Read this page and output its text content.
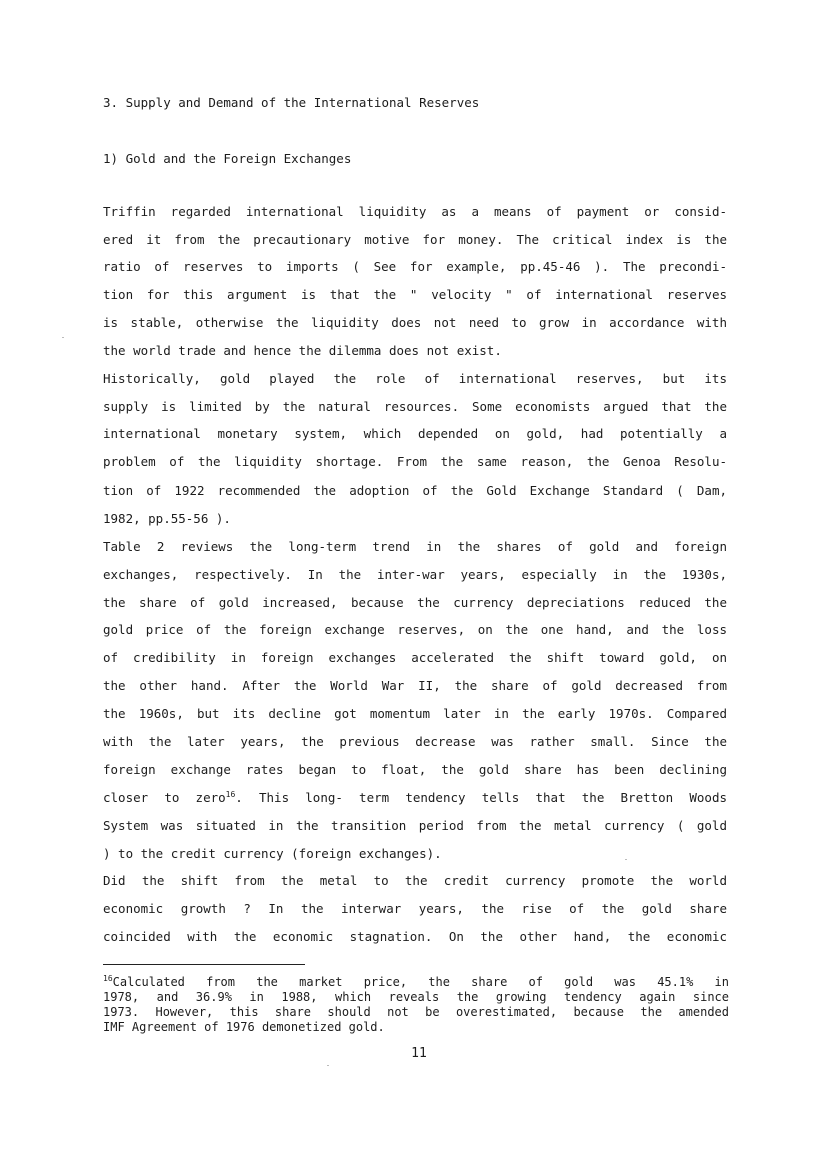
3. Supply and Demand of the International Reserves
1) Gold and the Foreign Exchanges
Triffin regarded international liquidity as a means of payment or consid-
ered it from the precautionary motive for money. The critical index is the
ratio of reserves to imports ( See for example, pp.45-46 ). The precondi-
tion for this argument is that the " velocity " of international reserves
is stable, otherwise the liquidity does not need to grow in accordance with
the world trade and hence the dilemma does not exist.
Historically, gold played the role of international reserves, but its
supply is limited by the natural resources. Some economists argued that the
international monetary system, which depended on gold, had potentially a
problem of the liquidity shortage. From the same reason, the Genoa Resolu-
tion of 1922 recommended the adoption of the Gold Exchange Standard ( Dam,
1982, pp.55-56 ).
Table 2 reviews the long-term trend in the shares of gold and foreign
exchanges, respectively. In the inter-war years, especially in the 1930s,
the share of gold increased, because the currency depreciations reduced the
gold price of the foreign exchange reserves, on the one hand, and the loss
of credibility in foreign exchanges accelerated the shift toward gold, on
the other hand. After the World War II, the share of gold decreased from
the 1960s, but its decline got momentum later in the early 1970s. Compared
with the later years, the previous decrease was rather small. Since the
foreign exchange rates began to float, the gold share has been declining
closer to zero$^{16}$. This long- term tendency tells that the Bretton Woods
System was situated in the transition period from the metal currency ( gold
) to the credit currency (foreign exchanges).
Did the shift from the metal to the credit currency promote the world
economic growth ? In the interwar years, the rise of the gold share
coincided with the economic stagnation. On the other hand, the economic
$^{16}$Calculated from the market price, the share of gold was 45.1% in
1978, and 36.9% in 1988, which reveals the growing tendency again since
1973. However, this share should not be overestimated, because the amended
IMF Agreement of 1976 demonetized gold.
11
